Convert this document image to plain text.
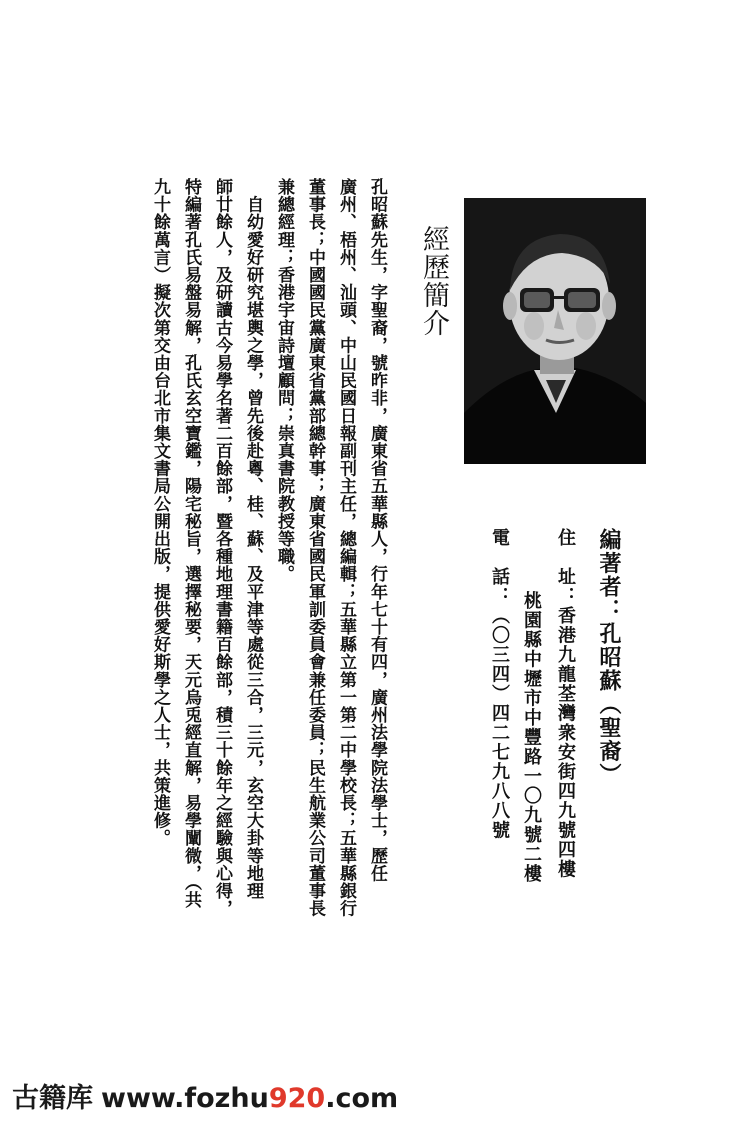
經歷簡介
孔昭蘇先生，字聖裔，號昨非，廣東省五華縣人，行年七十有四，廣州法學院法學士，歷任
廣州、梧州、汕頭、中山民國日報副刊主任，總編輯；五華縣立第一第二中學校長；五華縣銀行
董事長；中國國民黨廣東省黨部總幹事；廣東省國民軍訓委員會兼任委員；民生航業公司董事長
兼總經理；香港宇宙詩壇顧問；崇真書院教授等職。
　自幼愛好研究堪輿之學，曾先後赴粵、桂、蘇、及平津等處從三合，三元，玄空大卦等地理
師廿餘人，及研讀古今易學名著二百餘部，暨各種地理書籍百餘部，積三十餘年之經驗與心得，
特編著孔氏易盤易解，孔氏玄空寶鑑，陽宅秘旨，選擇秘要，天元烏兎經直解，易學闡微，（共
九十餘萬言）擬次第交由台北市集文書局公開出版，提供愛好斯學之人士，共策進修。	編著者：孔昭蘇（聖裔）
住　址：香港九龍荃灣衆安街四九號四樓
桃園縣中壢市中豐路一〇九號二樓
電　話：（〇三四）四二七九八八號
古籍库 www.fozhu920.com
